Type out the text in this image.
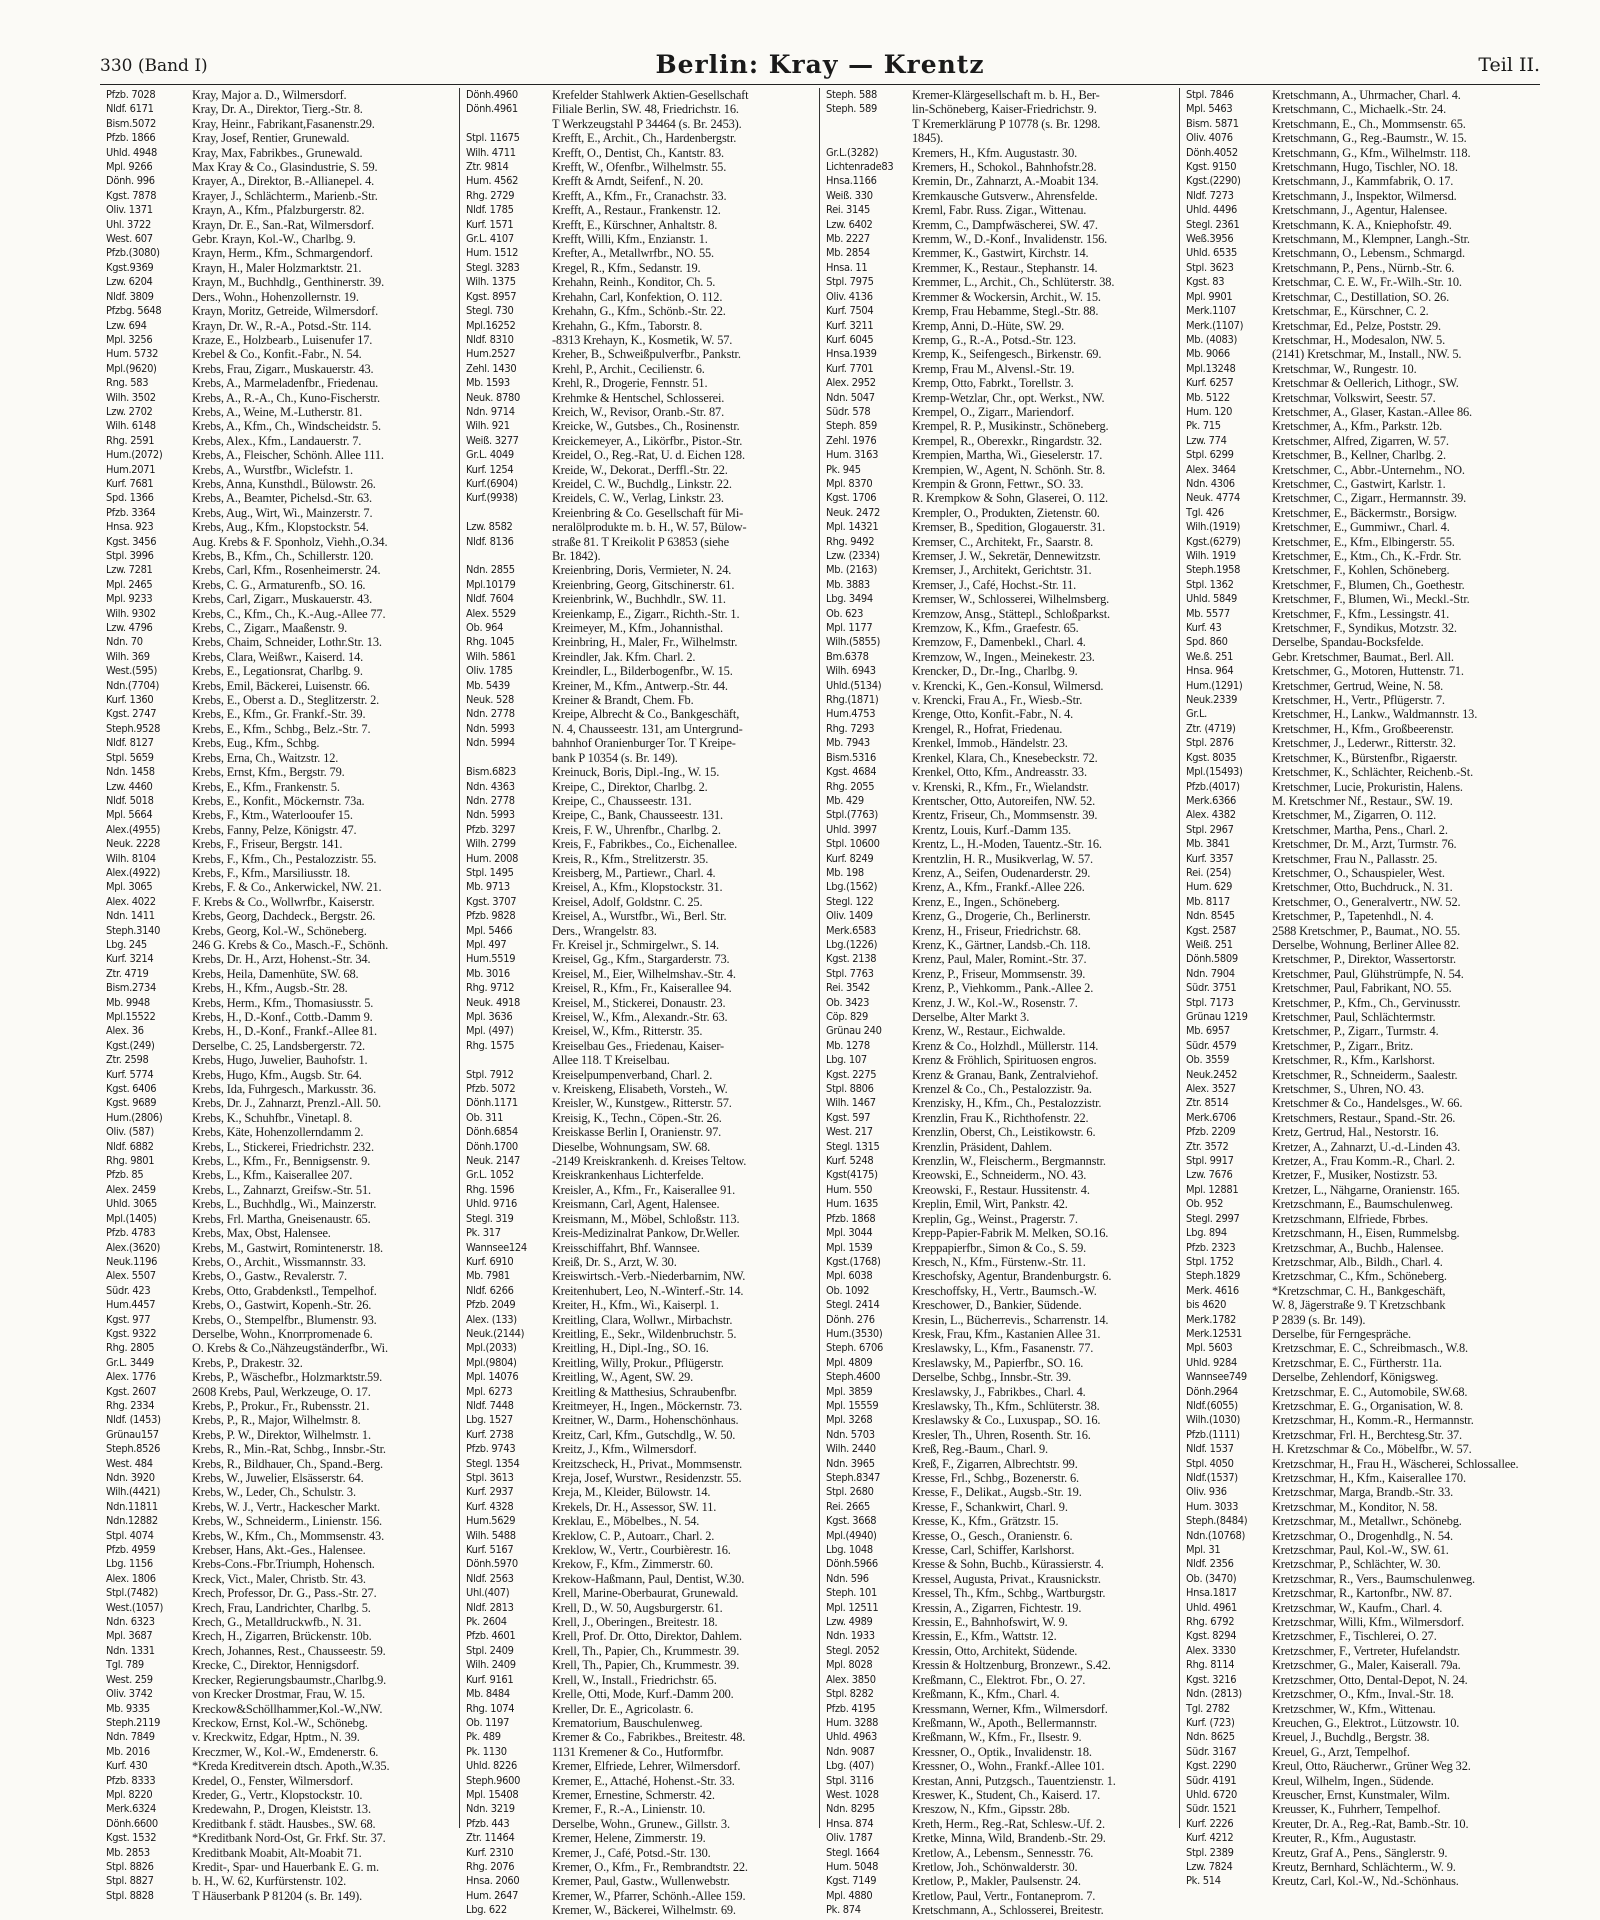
330 (Band I)	Berlin: Kray — Krentz	Teil II.
Pfzb. 7028	Kray, Major a. D., Wilmersdorf.
Nldf. 6171	Kray, Dr. A., Direktor, Tierg.-Str. 8.
Bism.5072	Kray, Heinr., Fabrikant,Fasanenstr.29.
Pfzb. 1866	Kray, Josef, Rentier, Grunewald.
Uhld. 4948	Kray, Max, Fabrikbes., Grunewald.
Mpl. 9266	Max Kray & Co., Glasindustrie, S. 59.
Dönh. 996	Krayer, A., Direktor, B.-Allianepel. 4.
Kgst. 7878	Krayer, J., Schlächterm., Marienb.-Str.
Oliv. 1371	Krayn, A., Kfm., Pfalzburgerstr. 82.
Uhl. 3722	Krayn, Dr. E., San.-Rat, Wilmersdorf.
West. 607	Gebr. Krayn, Kol.-W., Charlbg. 9.
Pfzb.(3080)	Krayn, Herm., Kfm., Schmargendorf.
Kgst.9369	Krayn, H., Maler Holzmarktstr. 21.
Lzw. 6204	Krayn, M., Buchhdlg., Genthinerstr. 39.
Nldf. 3809	Ders., Wohn., Hohenzollernstr. 19.
Pfzbg. 5648	Krayn, Moritz, Getreide, Wilmersdorf.
Lzw. 694	Krayn, Dr. W., R.-A., Potsd.-Str. 114.
Mpl. 3256	Kraze, E., Holzbearb., Luisenufer 17.
Hum. 5732	Krebel & Co., Konfit.-Fabr., N. 54.
Mpl.(9620)	Krebs, Frau, Zigarr., Muskauerstr. 43.
Rng. 583	Krebs, A., Marmeladenfbr., Friedenau.
Wilh. 3502	Krebs, A., R.-A., Ch., Kuno-Fischerstr.
Lzw. 2702	Krebs, A., Weine, M.-Lutherstr. 81.
Wilh. 6148	Krebs, A., Kfm., Ch., Windscheidstr. 5.
Rhg. 2591	Krebs, Alex., Kfm., Landauerstr. 7.
Hum.(2072)	Krebs, A., Fleischer, Schönh. Allee 111.
Hum.2071	Krebs, A., Wurstfbr., Wiclefstr. 1.
Kurf. 7681	Krebs, Anna, Kunsthdl., Bülowstr. 26.
Spd. 1366	Krebs, A., Beamter, Pichelsd.-Str. 63.
Pfzb. 3364	Krebs, Aug., Wirt, Wi., Mainzerstr. 7.
Hnsa. 923	Krebs, Aug., Kfm., Klopstockstr. 54.
Kgst. 3456	Aug. Krebs & F. Sponholz, Viehh.,O.34.
Stpl. 3996	Krebs, B., Kfm., Ch., Schillerstr. 120.
Lzw. 7281	Krebs, Carl, Kfm., Rosenheimerstr. 24.
Mpl. 2465	Krebs, C. G., Armaturenfb., SO. 16.
Mpl. 9233	Krebs, Carl, Zigarr., Muskauerstr. 43.
Wilh. 9302	Krebs, C., Kfm., Ch., K.-Aug.-Allee 77.
Lzw. 4796	Krebs, C., Zigarr., Maaßenstr. 9.
Ndn. 70	Krebs, Chaim, Schneider, Lothr.Str. 13.
Wilh. 369	Krebs, Clara, Weißwr., Kaiserd. 14.
West.(595)	Krebs, E., Legationsrat, Charlbg. 9.
Ndn.(7704)	Krebs, Emil, Bäckerei, Luisenstr. 66.
Kurf. 1360	Krebs, E., Oberst a. D., Steglitzerstr. 2.
Kgst. 2747	Krebs, E., Kfm., Gr. Frankf.-Str. 39.
Steph.9528	Krebs, E., Kfm., Schbg., Belz.-Str. 7.
Nldf. 8127	Krebs, Eug., Kfm., Schbg.
Stpl. 5659	Krebs, Erna, Ch., Waitzstr. 12.
Ndn. 1458	Krebs, Ernst, Kfm., Bergstr. 79.
Lzw. 4460	Krebs, E., Kfm., Frankenstr. 5.
Nldf. 5018	Krebs, E., Konfit., Möckernstr. 73a.
Mpl. 5664	Krebs, F., Ktm., Waterlooufer 15.
Alex.(4955)	Krebs, Fanny, Pelze, Königstr. 47.
Neuk. 2228	Krebs, F., Friseur, Bergstr. 141.
Wilh. 8104	Krebs, F., Kfm., Ch., Pestalozzistr. 55.
Alex.(4922)	Krebs, F., Kfm., Marsiliusstr. 18.
Mpl. 3065	Krebs, F. & Co., Ankerwickel, NW. 21.
Alex. 4022	F. Krebs & Co., Wollwrfbr., Kaiserstr.
Ndn. 1411	Krebs, Georg, Dachdeck., Bergstr. 26.
Steph.3140	Krebs, Georg, Kol.-W., Schöneberg.
Lbg. 245	246 G. Krebs & Co., Masch.-F., Schönh.
Kurf. 3214	Krebs, Dr. H., Arzt, Hohenst.-Str. 34.
Ztr. 4719	Krebs, Heila, Damenhüte, SW. 68.
Bism.2734	Krebs, H., Kfm., Augsb.-Str. 28.
Mb. 9948	Krebs, Herm., Kfm., Thomasiusstr. 5.
Mpl.15522	Krebs, H., D.-Konf., Cottb.-Damm 9.
Alex. 36	Krebs, H., D.-Konf., Frankf.-Allee 81.
Kgst.(249)	Derselbe, C. 25, Landsbergerstr. 72.
Ztr. 2598	Krebs, Hugo, Juwelier, Bauhofstr. 1.
Kurf. 5774	Krebs, Hugo, Kfm., Augsb. Str. 64.
Kgst. 6406	Krebs, Ida, Fuhrgesch., Markusstr. 36.
Kgst. 9689	Krebs, Dr. J., Zahnarzt, Prenzl.-All. 50.
Hum.(2806)	Krebs, K., Schuhfbr., Vinetapl. 8.
Oliv. (587)	Krebs, Käte, Hohenzollerndamm 2.
Nldf. 6882	Krebs, L., Stickerei, Friedrichstr. 232.
Rhg. 9801	Krebs, L., Kfm., Fr., Bennigsenstr. 9.
Pfzb. 85	Krebs, L., Kfm., Kaiserallee 207.
Alex. 2459	Krebs, L., Zahnarzt, Greifsw.-Str. 51.
Uhld. 3065	Krebs, L., Buchhdlg., Wi., Mainzerstr.
Mpl.(1405)	Krebs, Frl. Martha, Gneisenaustr. 65.
Pfzb. 4783	Krebs, Max, Obst, Halensee.
Alex.(3620)	Krebs, M., Gastwirt, Romintenerstr. 18.
Neuk.1196	Krebs, O., Archit., Wissmannstr. 33.
Alex. 5507	Krebs, O., Gastw., Revalerstr. 7.
Südr. 423	Krebs, Otto, Grabdenkstl., Tempelhof.
Hum.4457	Krebs, O., Gastwirt, Kopenh.-Str. 26.
Kgst. 977	Krebs, O., Stempelfbr., Blumenstr. 93.
Kgst. 9322	Derselbe, Wohn., Knorrpromenade 6.
Rhg. 2805	O. Krebs & Co.,Nähzeugständerfbr., Wi.
Gr.L. 3449	Krebs, P., Drakestr. 32.
Alex. 1776	Krebs, P., Wäschefbr., Holzmarktstr.59.
Kgst. 2607	2608 Krebs, Paul, Werkzeuge, O. 17.
Rhg. 2334	Krebs, P., Prokur., Fr., Rubensstr. 21.
Nldf. (1453)	Krebs, P., R., Major, Wilhelmstr. 8.
Grünau157	Krebs, P. W., Direktor, Wilhelmstr. 1.
Steph.8526	Krebs, R., Min.-Rat, Schbg., Innsbr.-Str.
West. 484	Krebs, R., Bildhauer, Ch., Spand.-Berg.
Ndn. 3920	Krebs, W., Juwelier, Elsässerstr. 64.
Wilh.(4421)	Krebs, W., Leder, Ch., Schulstr. 3.
Ndn.11811	Krebs, W. J., Vertr., Hackescher Markt.
Ndn.12882	Krebs, W., Schneiderm., Linienstr. 156.
Stpl. 4074	Krebs, W., Kfm., Ch., Mommsenstr. 43.
Pfzb. 4959	Krebser, Hans, Akt.-Ges., Halensee.
Lbg. 1156	Krebs-Cons.-Fbr.Triumph, Hohensch.
Alex. 1806	Kreck, Vict., Maler, Christb. Str. 43.
Stpl.(7482)	Krech, Professor, Dr. G., Pass.-Str. 27.
West.(1057)	Krech, Frau, Landrichter, Charlbg. 5.
Ndn. 6323	Krech, G., Metalldruckwfb., N. 31.
Mpl. 3687	Krech, H., Zigarren, Brückenstr. 10b.
Ndn. 1331	Krech, Johannes, Rest., Chausseestr. 59.
Tgl. 789	Krecke, C., Direktor, Hennigsdorf.
West. 259	Krecker, Regierungsbaumstr.,Charlbg.9.
Oliv. 3742	von Krecker Drostmar, Frau, W. 15.
Mb. 9335	Kreckow&Schöllhammer,Kol.-W.,NW.
Steph.2119	Kreckow, Ernst, Kol.-W., Schönebg.
Ndn. 7849	v. Kreckwitz, Edgar, Hptm., N. 39.
Mb. 2016	Kreczmer, W., Kol.-W., Emdenerstr. 6.
Kurf. 430	*Kreda Kreditverein dtsch. Apoth.,W.35.
Pfzb. 8333	Kredel, O., Fenster, Wilmersdorf.
Mpl. 8220	Kreder, G., Vertr., Klopstockstr. 10.
Merk.6324	Kredewahn, P., Drogen, Kleiststr. 13.
Dönh.6600	Kreditbank f. städt. Hausbes., SW. 68.
Kgst. 1532	*Kreditbank Nord-Ost, Gr. Frkf. Str. 37.
Mb. 2853	Kreditbank Moabit, Alt-Moabit 71.
Stpl. 8826	Kredit-, Spar- und Hauerbank E. G. m.
Stpl. 8827	b. H., W. 62, Kurfürstenstr. 102.
Stpl. 8828	T Häuserbank P 81204 (s. Br. 149).
Dönh.4960	Krefelder Stahlwerk Aktien-Gesellschaft
Dönh.4961	Filiale Berlin, SW. 48, Friedrichstr. 16.
T Werkzeugstahl P 34464 (s. Br. 2453).
Stpl. 11675	Krefft, E., Archit., Ch., Hardenbergstr.
Wilh. 4711	Krefft, O., Dentist, Ch., Kantstr. 83.
Ztr. 9814	Krefft, W., Ofenfbr., Wilhelmstr. 55.
Hum. 4562	Krefft & Arndt, Seifenf., N. 20.
Rhg. 2729	Krefft, A., Kfm., Fr., Cranachstr. 33.
Nldf. 1785	Krefft, A., Restaur., Frankenstr. 12.
Kurf. 1571	Krefft, E., Kürschner, Anhaltstr. 8.
Gr.L. 4107	Krefft, Willi, Kfm., Enzianstr. 1.
Hum. 1512	Krefter, A., Metallwrfbr., NO. 55.
Stegl. 3283	Kregel, R., Kfm., Sedanstr. 19.
Wilh. 1375	Krehahn, Reinh., Konditor, Ch. 5.
Kgst. 8957	Krehahn, Carl, Konfektion, O. 112.
Stegl. 730	Krehahn, G., Kfm., Schönb.-Str. 22.
Mpl.16252	Krehahn, G., Kfm., Taborstr. 8.
Nldf. 8310	-8313 Krehayn, K., Kosmetik, W. 57.
Hum.2527	Kreher, B., Schweißpulverfbr., Pankstr.
Zehl. 1430	Krehl, P., Archit., Cecilienstr. 6.
Mb. 1593	Krehl, R., Drogerie, Fennstr. 51.
Neuk. 8780	Krehmke & Hentschel, Schlosserei.
Ndn. 9714	Kreich, W., Revisor, Oranb.-Str. 87.
Wilh. 921	Kreicke, W., Gutsbes., Ch., Rosinenstr.
Weiß. 3277	Kreickemeyer, A., Likörfbr., Pistor.-Str.
Gr.L. 4049	Kreidel, O., Reg.-Rat, U. d. Eichen 128.
Kurf. 1254	Kreide, W., Dekorat., Derffl.-Str. 22.
Kurf.(6904)	Kreidel, C. W., Buchdlg., Linkstr. 22.
Kurf.(9938)	Kreidels, C. W., Verlag, Linkstr. 23.
Kreienbring & Co. Gesellschaft für Mi-
Lzw. 8582	neralölprodukte m. b. H., W. 57, Bülow-
Nldf. 8136	straße 81. T Kreikolit P 63853 (siehe
Br. 1842).
Ndn. 2855	Kreienbring, Doris, Vermieter, N. 24.
Mpl.10179	Kreienbring, Georg, Gitschinerstr. 61.
Nldf. 7604	Kreienbrink, W., Buchhdlr., SW. 11.
Alex. 5529	Kreienkamp, E., Zigarr., Richth.-Str. 1.
Ob. 964	Kreimeyer, M., Kfm., Johannisthal.
Rhg. 1045	Kreinbring, H., Maler, Fr., Wilhelmstr.
Wilh. 5861	Kreindler, Jak. Kfm. Charl. 2.
Oliv. 1785	Kreindler, L., Bilderbogenfbr., W. 15.
Mb. 5439	Kreiner, M., Kfm., Antwerp.-Str. 44.
Neuk. 528	Kreiner & Brandt, Chem. Fb.
Ndn. 2778	Kreipe, Albrecht & Co., Bankgeschäft,
Ndn. 5993	N. 4, Chausseestr. 131, am Untergrund-
Ndn. 5994	bahnhof Oranienburger Tor. T Kreipe-
bank P 10354 (s. Br. 149).
Bism.6823	Kreinuck, Boris, Dipl.-Ing., W. 15.
Ndn. 4363	Kreipe, C., Direktor, Charlbg. 2.
Ndn. 2778	Kreipe, C., Chausseestr. 131.
Ndn. 5993	Kreipe, C., Bank, Chausseestr. 131.
Pfzb. 3297	Kreis, F. W., Uhrenfbr., Charlbg. 2.
Wilh. 2799	Kreis, F., Fabrikbes., Co., Eichenallee.
Hum. 2008	Kreis, R., Kfm., Strelitzerstr. 35.
Stpl. 1495	Kreisberg, M., Partiewr., Charl. 4.
Mb. 9713	Kreisel, A., Kfm., Klopstockstr. 31.
Kgst. 3707	Kreisel, Adolf, Goldstnr. C. 25.
Pfzb. 9828	Kreisel, A., Wurstfbr., Wi., Berl. Str.
Mpl. 5466	Ders., Wrangelstr. 83.
Mpl. 497	Fr. Kreisel jr., Schmirgelwr., S. 14.
Hum.5519	Kreisel, Gg., Kfm., Stargarderstr. 73.
Mb. 3016	Kreisel, M., Eier, Wilhelmshav.-Str. 4.
Rhg. 9712	Kreisel, R., Kfm., Fr., Kaiserallee 94.
Neuk. 4918	Kreisel, M., Stickerei, Donaustr. 23.
Mpl. 3636	Kreisel, W., Kfm., Alexandr.-Str. 63.
Mpl. (497)	Kreisel, W., Kfm., Ritterstr. 35.
Rhg. 1575	Kreiselbau Ges., Friedenau, Kaiser-
Allee 118. T Kreiselbau.
Stpl. 7912	Kreiselpumpenverband, Charl. 2.
Pfzb. 5072	v. Kreiskeng, Elisabeth, Vorsteh., W.
Dönh.1171	Kreisler, W., Kunstgew., Ritterstr. 57.
Ob. 311	Kreisig, K., Techn., Cöpen.-Str. 26.
Dönh.6854	Kreiskasse Berlin I, Oranienstr. 97.
Dönh.1700	Dieselbe, Wohnungsam, SW. 68.
Neuk. 2147	-2149 Kreiskrankenh. d. Kreises Teltow.
Gr.L. 1052	Kreiskrankenhaus Lichterfelde.
Rhg. 1596	Kreisler, A., Kfm., Fr., Kaiserallee 91.
Uhld. 9716	Kreismann, Carl, Agent, Halensee.
Stegl. 319	Kreismann, M., Möbel, Schloßstr. 113.
Pk. 317	Kreis-Medizinalrat Pankow, Dr.Weller.
Wannsee124	Kreisschiffahrt, Bhf. Wannsee.
Kurf. 6910	Kreiß, Dr. S., Arzt, W. 30.
Mb. 7981	Kreiswirtsch.-Verb.-Niederbarnim, NW.
Nldf. 6266	Kreitenhubert, Leo, N.-Winterf.-Str. 14.
Pfzb. 2049	Kreiter, H., Kfm., Wi., Kaiserpl. 1.
Alex. (133)	Kreitling, Clara, Wollwr., Mirbachstr.
Neuk.(2144)	Kreitling, E., Sekr., Wildenbruchstr. 5.
Mpl.(2033)	Kreitling, H., Dipl.-Ing., SO. 16.
Mpl.(9804)	Kreitling, Willy, Prokur., Pflügerstr.
Mpl. 14076	Kreitling, W., Agent, SW. 29.
Mpl. 6273	Kreitling & Matthesius, Schraubenfbr.
Nldf. 7448	Kreitmeyer, H., Ingen., Möckernstr. 73.
Lbg. 1527	Kreitner, W., Darm., Hohenschönhaus.
Kurf. 2738	Kreitz, Carl, Kfm., Gutschdlg., W. 50.
Pfzb. 9743	Kreitz, J., Kfm., Wilmersdorf.
Stegl. 1354	Kreitzscheck, H., Privat., Mommsenstr.
Stpl. 3613	Kreja, Josef, Wurstwr., Residenzstr. 55.
Kurf. 2937	Kreja, M., Kleider, Bülowstr. 14.
Kurf. 4328	Krekels, Dr. H., Assessor, SW. 11.
Hum.5629	Kreklau, E., Möbelbes., N. 54.
Wilh. 5488	Kreklow, C. P., Autoarr., Charl. 2.
Kurf. 5167	Kreklow, W., Vertr., Courbièrestr. 16.
Dönh.5970	Krekow, F., Kfm., Zimmerstr. 60.
Nldf. 2563	Krekow-Haßmann, Paul, Dentist, W.30.
Uhl.(407)	Krell, Marine-Oberbaurat, Grunewald.
Nldf. 2813	Krell, D., W. 50, Augsburgerstr. 61.
Pk. 2604	Krell, J., Oberingen., Breitestr. 18.
Pfzb. 4601	Krell, Prof. Dr. Otto, Direktor, Dahlem.
Stpl. 2409	Krell, Th., Papier, Ch., Krummestr. 39.
Wilh. 2409	Krell, Th., Papier, Ch., Krummestr. 39.
Kurf. 9161	Krell, W., Install., Friedrichstr. 65.
Mb. 8484	Krelle, Otti, Mode, Kurf.-Damm 200.
Rhg. 1074	Kreller, Dr. E., Agricolastr. 6.
Ob. 1197	Krematorium, Bauschulenweg.
Pk. 489	Kremer & Co., Fabrikbes., Breitestr. 48.
Pk. 1130	1131 Kremener & Co., Hutformfbr.
Uhld. 8226	Kremer, Elfriede, Lehrer, Wilmersdorf.
Steph.9600	Kremer, E., Attaché, Hohenst.-Str. 33.
Mpl. 15408	Kremer, Ernestine, Schmerstr. 42.
Ndn. 3219	Kremer, F., R.-A., Linienstr. 10.
Pfzb. 443	Derselbe, Wohn., Grunew., Gillstr. 3.
Ztr. 11464	Kremer, Helene, Zimmerstr. 19.
Kurf. 2310	Kremer, J., Café, Potsd.-Str. 130.
Rhg. 2076	Kremer, O., Kfm., Fr., Rembrandtstr. 22.
Hnsa. 2060	Kremer, Paul, Gastw., Wullenwebstr.
Hum. 2647	Kremer, W., Pfarrer, Schönh.-Allee 159.
Lbg. 622	Kremer, W., Bäckerei, Wilhelmstr. 69.
Steph. 588	Kremer-Klärgesellschaft m. b. H., Ber-
Steph. 589	lin-Schöneberg, Kaiser-Friedrichstr. 9.
T Kremerklärung P 10778 (s. Br. 1298.
1845).
Gr.L.(3282)	Kremers, H., Kfm. Augustastr. 30.
Lichtenrade83	Kremers, H., Schokol., Bahnhofstr.28.
Hnsa.1166	Kremin, Dr., Zahnarzt, A.-Moabit 134.
Weiß. 330	Kremkausche Gutsverw., Ahrensfelde.
Rei. 3145	Kreml, Fabr. Russ. Zigar., Wittenau.
Lzw. 6402	Kremm, C., Dampfwäscherei, SW. 47.
Mb. 2227	Kremm, W., D.-Konf., Invalidenstr. 156.
Mb. 2854	Kremmer, K., Gastwirt, Kirchstr. 14.
Hnsa. 11	Kremmer, K., Restaur., Stephanstr. 14.
Stpl. 7975	Kremmer, L., Archit., Ch., Schlüterstr. 38.
Oliv. 4136	Kremmer & Wockersin, Archit., W. 15.
Kurf. 7504	Kremp, Frau Hebamme, Stegl.-Str. 88.
Kurf. 3211	Kremp, Anni, D.-Hüte, SW. 29.
Kurf. 6045	Kremp, G., R.-A., Potsd.-Str. 123.
Hnsa.1939	Kremp, K., Seifengesch., Birkenstr. 69.
Kurf. 7701	Kremp, Frau M., Alvensl.-Str. 19.
Alex. 2952	Kremp, Otto, Fabrkt., Torellstr. 3.
Ndn. 5047	Kremp-Wetzlar, Chr., opt. Werkst., NW.
Südr. 578	Krempel, O., Zigarr., Mariendorf.
Steph. 859	Krempel, R. P., Musikinstr., Schöneberg.
Zehl. 1976	Krempel, R., Oberexkr., Ringardstr. 32.
Hum. 3163	Krempien, Martha, Wi., Gieselerstr. 17.
Pk. 945	Krempien, W., Agent, N. Schönh. Str. 8.
Mpl. 8370	Krempin & Gronn, Fettwr., SO. 33.
Kgst. 1706	R. Krempkow & Sohn, Glaserei, O. 112.
Neuk. 2472	Krempler, O., Produkten, Zietenstr. 60.
Mpl. 14321	Kremser, B., Spedition, Glogauerstr. 31.
Rhg. 9492	Kremser, C., Architekt, Fr., Saarstr. 8.
Lzw. (2334)	Kremser, J. W., Sekretär, Dennewitzstr.
Mb. (2163)	Kremser, J., Architekt, Gerichtstr. 31.
Mb. 3883	Kremser, J., Café, Hochst.-Str. 11.
Lbg. 3494	Kremser, W., Schlosserei, Wilhelmsberg.
Ob. 623	Kremzow, Ansg., Stättepl., Schloßparkst.
Mpl. 1177	Kremzow, K., Kfm., Graefestr. 65.
Wilh.(5855)	Kremzow, F., Damenbekl., Charl. 4.
Bm.6378	Kremzow, W., Ingen., Meinekestr. 23.
Wilh. 6943	Krencker, D., Dr.-Ing., Charlbg. 9.
Uhld.(5134)	v. Krencki, K., Gen.-Konsul, Wilmersd.
Rhg.(1871)	v. Krencki, Frau A., Fr., Wiesb.-Str.
Hum.4753	Krenge, Otto, Konfit.-Fabr., N. 4.
Rhg. 7293	Krengel, R., Hofrat, Friedenau.
Mb. 7943	Krenkel, Immob., Händelstr. 23.
Bism.5316	Krenkel, Klara, Ch., Knesebeckstr. 72.
Kgst. 4684	Krenkel, Otto, Kfm., Andreasstr. 33.
Rhg. 2055	v. Krenski, R., Kfm., Fr., Wielandstr.
Mb. 429	Krentscher, Otto, Autoreifen, NW. 52.
Stpl.(7763)	Krentz, Friseur, Ch., Mommsenstr. 39.
Uhld. 3997	Krentz, Louis, Kurf.-Damm 135.
Stpl. 10600	Krentz, L., H.-Moden, Tauentz.-Str. 16.
Kurf. 8249	Krentzlin, H. R., Musikverlag, W. 57.
Mb. 198	Krenz, A., Seifen, Oudenarderstr. 29.
Lbg.(1562)	Krenz, A., Kfm., Frankf.-Allee 226.
Stegl. 122	Krenz, E., Ingen., Schöneberg.
Oliv. 1409	Krenz, G., Drogerie, Ch., Berlinerstr.
Merk.6583	Krenz, H., Friseur, Friedrichstr. 68.
Lbg.(1226)	Krenz, K., Gärtner, Landsb.-Ch. 118.
Kgst. 2138	Krenz, Paul, Maler, Romint.-Str. 37.
Stpl. 7763	Krenz, P., Friseur, Mommsenstr. 39.
Rei. 3542	Krenz, P., Viehkomm., Pank.-Allee 2.
Ob. 3423	Krenz, J. W., Kol.-W., Rosenstr. 7.
Cöp. 829	Derselbe, Alter Markt 3.
Grünau 240	Krenz, W., Restaur., Eichwalde.
Mb. 1278	Krenz & Co., Holzhdl., Müllerstr. 114.
Lbg. 107	Krenz & Fröhlich, Spirituosen engros.
Kgst. 2275	Krenz & Granau, Bank, Zentralviehof.
Stpl. 8806	Krenzel & Co., Ch., Pestalozzistr. 9a.
Wilh. 1467	Krenzisky, H., Kfm., Ch., Pestalozzistr.
Kgst. 597	Krenzlin, Frau K., Richthofenstr. 22.
West. 217	Krenzlin, Oberst, Ch., Leistikowstr. 6.
Stegl. 1315	Krenzlin, Präsident, Dahlem.
Kurf. 5248	Krenzlin, W., Fleischerm., Bergmannstr.
Kgst(4175)	Kreowski, E., Schneiderm., NO. 43.
Hum. 550	Kreowski, F., Restaur. Hussitenstr. 4.
Hum. 1635	Kreplin, Emil, Wirt, Pankstr. 42.
Pfzb. 1868	Kreplin, Gg., Weinst., Pragerstr. 7.
Mpl. 3044	Krepp-Papier-Fabrik M. Melken, SO.16.
Mpl. 1539	Kreppapierfbr., Simon & Co., S. 59.
Kgst.(1768)	Kresch, N., Kfm., Fürstenw.-Str. 11.
Mpl. 6038	Kreschofsky, Agentur, Brandenburgstr. 6.
Ob. 1092	Kreschoffsky, H., Vertr., Baumsch.-W.
Stegl. 2414	Kreschower, D., Bankier, Südende.
Dönh. 276	Kresin, L., Bücherrevis., Scharrenstr. 14.
Hum.(3530)	Kresk, Frau, Kfm., Kastanien Allee 31.
Steph. 6706	Kreslawsky, L., Kfm., Fasanenstr. 77.
Mpl. 4809	Kreslawsky, M., Papierfbr., SO. 16.
Steph.4600	Derselbe, Schbg., Innsbr.-Str. 39.
Mpl. 3859	Kreslawsky, J., Fabrikbes., Charl. 4.
Mpl. 15559	Kreslawsky, Th., Kfm., Schlüterstr. 38.
Mpl. 3268	Kreslawsky & Co., Luxuspap., SO. 16.
Ndn. 5703	Kresler, Th., Uhren, Rosenth. Str. 16.
Wilh. 2440	Kreß, Reg.-Baum., Charl. 9.
Ndn. 3965	Kreß, F., Zigarren, Albrechtstr. 99.
Steph.8347	Kresse, Frl., Schbg., Bozenerstr. 6.
Stpl. 2680	Kresse, F., Delikat., Augsb.-Str. 19.
Rei. 2665	Kresse, F., Schankwirt, Charl. 9.
Kgst. 3668	Kresse, K., Kfm., Grätzstr. 15.
Mpl.(4940)	Kresse, O., Gesch., Oranienstr. 6.
Lbg. 1048	Kresse, Carl, Schiffer, Karlshorst.
Dönh.5966	Kresse & Sohn, Buchb., Kürassierstr. 4.
Ndn. 596	Kressel, Augusta, Privat., Krausnickstr.
Steph. 101	Kressel, Th., Kfm., Schbg., Wartburgstr.
Mpl. 12511	Kressin, A., Zigarren, Fichtestr. 19.
Lzw. 4989	Kressin, E., Bahnhofswirt, W. 9.
Ndn. 1933	Kressin, E., Kfm., Wattstr. 12.
Stegl. 2052	Kressin, Otto, Architekt, Südende.
Mpl. 8028	Kressin & Holtzenburg, Bronzewr., S.42.
Alex. 3850	Kreßmann, C., Elektrot. Fbr., O. 27.
Stpl. 8282	Kreßmann, K., Kfm., Charl. 4.
Pfzb. 4195	Kressmann, Werner, Kfm., Wilmersdorf.
Hum. 3288	Kreßmann, W., Apoth., Bellermannstr.
Uhld. 4963	Kreßmann, W., Kfm., Fr., Ilsestr. 9.
Ndn. 9087	Kressner, O., Optik., Invalidenstr. 18.
Lbg. (407)	Kressner, O., Wohn., Frankf.-Allee 101.
Stpl. 3116	Krestan, Anni, Putzgsch., Tauentzienstr. 1.
West. 1028	Kreswer, K., Student, Ch., Kaiserd. 17.
Ndn. 8295	Kreszow, N., Kfm., Gipsstr. 28b.
Hnsa. 874	Kreth, Herm., Reg.-Rat, Schlesw.-Uf. 2.
Oliv. 1787	Kretke, Minna, Wild, Brandenb.-Str. 29.
Stegl. 1664	Kretlow, A., Lebensm., Sennesstr. 76.
Hum. 5048	Kretlow, Joh., Schönwalderstr. 30.
Kgst. 7149	Kretlow, P., Makler, Paulsenstr. 24.
Mpl. 4880	Kretlow, Paul, Vertr., Fontaneprom. 7.
Pk. 874	Kretschmann, A., Schlosserei, Breitestr.
Stpl. 7846	Kretschmann, A., Uhrmacher, Charl. 4.
Mpl. 5463	Kretschmann, C., Michaelk.-Str. 24.
Bism. 5871	Kretschmann, E., Ch., Mommsenstr. 65.
Oliv. 4076	Kretschmann, G., Reg.-Baumstr., W. 15.
Dönh.4052	Kretschmann, G., Kfm., Wilhelmstr. 118.
Kgst. 9150	Kretschmann, Hugo, Tischler, NO. 18.
Kgst.(2290)	Kretschmann, J., Kammfabrik, O. 17.
Nldf. 7273	Kretschmann, J., Inspektor, Wilmersd.
Uhld. 4496	Kretschmann, J., Agentur, Halensee.
Stegl. 2361	Kretschmann, K. A., Kniephofstr. 49.
Weß.3956	Kretschmann, M., Klempner, Langh.-Str.
Uhld. 6535	Kretschmann, O., Lebensm., Schmargd.
Stpl. 3623	Kretschmann, P., Pens., Nürnb.-Str. 6.
Kgst. 83	Kretschmar, C. E. W., Fr.-Wilh.-Str. 10.
Mpl. 9901	Kretschmar, C., Destillation, SO. 26.
Merk.1107	Kretschmar, E., Kürschner, C. 2.
Merk.(1107)	Kretschmar, Ed., Pelze, Poststr. 29.
Mb. (4083)	Kretschmar, H., Modesalon, NW. 5.
Mb. 9066	(2141) Kretschmar, M., Install., NW. 5.
Mpl.13248	Kretschmar, W., Rungestr. 10.
Kurf. 6257	Kretschmar & Oellerich, Lithogr., SW.
Mb. 5122	Kretschmar, Volkswirt, Seestr. 57.
Hum. 120	Kretschmer, A., Glaser, Kastan.-Allee 86.
Pk. 715	Kretschmer, A., Kfm., Parkstr. 12b.
Lzw. 774	Kretschmer, Alfred, Zigarren, W. 57.
Stpl. 6299	Kretschmer, B., Kellner, Charlbg. 2.
Alex. 3464	Kretschmer, C., Abbr.-Unternehm., NO.
Ndn. 4306	Kretschmer, C., Gastwirt, Karlstr. 1.
Neuk. 4774	Kretschmer, C., Zigarr., Hermannstr. 39.
Tgl. 426	Kretschmer, E., Bäckermstr., Borsigw.
Wilh.(1919)	Kretschmer, E., Gummiwr., Charl. 4.
Kgst.(6279)	Kretschmer, E., Kfm., Elbingerstr. 55.
Wilh. 1919	Kretschmer, E., Ktm., Ch., K.-Frdr. Str.
Steph.1958	Kretschmer, F., Kohlen, Schöneberg.
Stpl. 1362	Kretschmer, F., Blumen, Ch., Goethestr.
Uhld. 5849	Kretschmer, F., Blumen, Wi., Meckl.-Str.
Mb. 5577	Kretschmer, F., Kfm., Lessingstr. 41.
Kurf. 43	Kretschmer, F., Syndikus, Motzstr. 32.
Spd. 860	Derselbe, Spandau-Bocksfelde.
We.ß. 251	Gebr. Kretschmer, Baumat., Berl. All.
Hnsa. 964	Kretschmer, G., Motoren, Huttenstr. 71.
Hum.(1291)	Kretschmer, Gertrud, Weine, N. 58.
Neuk.2339	Kretschmer, H., Vertr., Pflügerstr. 7.
Gr.L.	Kretschmer, H., Lankw., Waldmannstr. 13.
Ztr. (4719)	Kretschmer, H., Kfm., Großbeerenstr.
Stpl. 2876	Kretschmer, J., Lederwr., Ritterstr. 32.
Kgst. 8035	Kretschmer, K., Bürstenfbr., Rigaerstr.
Mpl.(15493)	Kretschmer, K., Schlächter, Reichenb.-St.
Pfzb.(4017)	Kretschmer, Lucie, Prokuristin, Halens.
Merk.6366	M. Kretschmer Nf., Restaur., SW. 19.
Alex. 4382	Kretschmer, M., Zigarren, O. 112.
Stpl. 2967	Kretschmer, Martha, Pens., Charl. 2.
Mb. 3841	Kretschmer, Dr. M., Arzt, Turmstr. 76.
Kurf. 3357	Kretschmer, Frau N., Pallasstr. 25.
Rei. (254)	Kretschmer, O., Schauspieler, West.
Hum. 629	Kretschmer, Otto, Buchdruck., N. 31.
Mb. 8117	Kretschmer, O., Generalvertr., NW. 52.
Ndn. 8545	Kretschmer, P., Tapetenhdl., N. 4.
Kgst. 2587	2588 Kretschmer, P., Baumat., NO. 55.
Weiß. 251	Derselbe, Wohnung, Berliner Allee 82.
Dönh.5809	Kretschmer, P., Direktor, Wassertorstr.
Ndn. 7904	Kretschmer, Paul, Glühstrümpfe, N. 54.
Südr. 3751	Kretschmer, Paul, Fabrikant, NO. 55.
Stpl. 7173	Kretschmer, P., Kfm., Ch., Gervinusstr.
Grünau 1219	Kretschmer, Paul, Schlächtermstr.
Mb. 6957	Kretschmer, P., Zigarr., Turmstr. 4.
Südr. 4579	Kretschmer, P., Zigarr., Britz.
Ob. 3559	Kretschmer, R., Kfm., Karlshorst.
Neuk.2452	Kretschmer, R., Schneiderm., Saalestr.
Alex. 3527	Kretschmer, S., Uhren, NO. 43.
Ztr. 8514	Kretschmer & Co., Handelsges., W. 66.
Merk.6706	Kretschmers, Restaur., Spand.-Str. 26.
Pfzb. 2209	Kretz, Gertrud, Hal., Nestorstr. 16.
Ztr. 3572	Kretzer, A., Zahnarzt, U.-d.-Linden 43.
Stpl. 9917	Kretzer, A., Frau Komm.-R., Charl. 2.
Lzw. 7676	Kretzer, F., Musiker, Nostizstr. 53.
Mpl. 12881	Kretzer, L., Nähgarne, Oranienstr. 165.
Ob. 952	Kretzschmann, E., Baumschulenweg.
Stegl. 2997	Kretzschmann, Elfriede, Fbrbes.
Lbg. 894	Kretzschmann, H., Eisen, Rummelsbg.
Pfzb. 2323	Kretzschmar, A., Buchb., Halensee.
Stpl. 1752	Kretzschmar, Alb., Bildh., Charl. 4.
Steph.1829	Kretzschmar, C., Kfm., Schöneberg.
Merk. 4616	*Kretzschmar, C. H., Bankgeschäft,
bis 4620	W. 8, Jägerstraße 9. T Kretzschbank
Merk.1782	P 2839 (s. Br. 149).
Merk.12531	Derselbe, für Ferngespräche.
Mpl. 5603	Kretzschmar, E. C., Schreibmasch., W.8.
Uhld. 9284	Kretzschmar, E. C., Fürtherstr. 11a.
Wannsee749	Derselbe, Zehlendorf, Königsweg.
Dönh.2964	Kretzschmar, E. C., Automobile, SW.68.
Nldf.(6055)	Kretzschmar, E. G., Organisation, W. 8.
Wilh.(1030)	Kretzschmar, H., Komm.-R., Hermannstr.
Pfzb.(1111)	Kretzschmar, Frl. H., Berchtesg.Str. 37.
Nldf. 1537	H. Kretzschmar & Co., Möbelfbr., W. 57.
Stpl. 4050	Kretzschmar, H., Frau H., Wäscherei, Schlossallee.
Nldf.(1537)	Kretzschmar, H., Kfm., Kaiserallee 170.
Oliv. 936	Kretzschmar, Marga, Brandb.-Str. 33.
Hum. 3033	Kretzschmar, M., Konditor, N. 58.
Steph.(8484)	Kretzschmar, M., Metallwr., Schönebg.
Ndn.(10768)	Kretzschmar, O., Drogenhdlg., N. 54.
Mpl. 31	Kretzschmar, Paul, Kol.-W., SW. 61.
Nldf. 2356	Kretzschmar, P., Schlächter, W. 30.
Ob. (3470)	Kretzschmar, R., Vers., Baumschulenweg.
Hnsa.1817	Kretzschmar, R., Kartonfbr., NW. 87.
Uhld. 4961	Kretzschmar, W., Kaufm., Charl. 4.
Rhg. 6792	Kretzschmar, Willi, Kfm., Wilmersdorf.
Kgst. 8294	Kretzschmer, F., Tischlerei, O. 27.
Alex. 3330	Kretzschmer, F., Vertreter, Hufelandstr.
Rhg. 8114	Kretzschmer, G., Maler, Kaiserall. 79a.
Kgst. 3216	Kretzschmer, Otto, Dental-Depot, N. 24.
Ndn. (2813)	Kretzschmer, O., Kfm., Inval.-Str. 18.
Tgl. 2782	Kretzschmer, W., Kfm., Wittenau.
Kurf. (723)	Kreuchen, G., Elektrot., Lützowstr. 10.
Ndn. 8625	Kreuel, J., Buchdlg., Bergstr. 38.
Südr. 3167	Kreuel, G., Arzt, Tempelhof.
Kgst. 2290	Kreul, Otto, Räucherwr., Grüner Weg 32.
Südr. 4191	Kreul, Wilhelm, Ingen., Südende.
Uhld. 6720	Kreuscher, Ernst, Kunstmaler, Wilm.
Südr. 1521	Kreusser, K., Fuhrherr, Tempelhof.
Kurf. 2226	Kreuter, Dr. A., Reg.-Rat, Bamb.-Str. 10.
Kurf. 4212	Kreuter, R., Kfm., Augustastr.
Stpl. 2389	Kreutz, Graf A., Pens., Sänglerstr. 9.
Lzw. 7824	Kreutz, Bernhard, Schlächterm., W. 9.
Pk. 514	Kreutz, Carl, Kol.-W., Nd.-Schönhaus.
